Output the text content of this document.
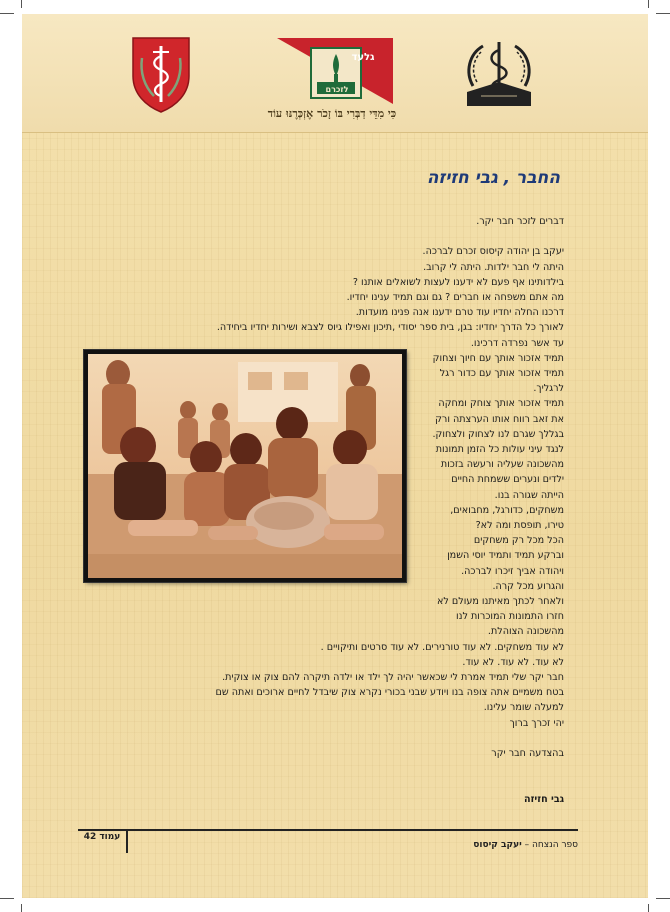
לזכרם
גלעד
כִּי מִדֵּי דַבְּרִי בּוֹ זָכֹר אֶזְכְּרֶנּוּ עוֹד
החבר , גבי חזיזה
דברים לזכר חבר יקר.
יעקב בן יהודה קיסוס זכרם לברכה.
היתה לי חבר ילדות. היתה לי קרוב.
בילדותינו אף פעם לא ידענו לעצות לשואלים אותנו ?
מה אתם משפחה או חברים ? גם וגם תמיד ענינו יחדיו.
דרכנו החלה יחדיו עוד טרם ידענו אנה פנינו מועדות.
לאורך כל הדרך יחדיו: בגן, בית ספר יסודי ,תיכון ואפילו גיוס לצבא ושירות יחדיו ביחידה.
עד אשר נפרדה דרכינו.
תמיד אזכור אותך עם חיוך וצחוק
תמיד אזכור אותך עם כדור רגל
לרגליך.
תמיד אזכור אותך צוחק ומחקה
את זאב רווח אותו הערצתה ורק
בגללך שגרם לנו לצחוק ולצחוק.
לנגד עיני עולות כל הזמן תמונות
מהשכונה שעליה ורעשה בזכות
ילדים ונערים ששמחת החיים
הייתה שגורה בנו.
משחקים, כדורגל, מחבואים,
טירו, תופסת ומה לא?
הכל מכל רק משחקים
וברקע תמיד ותמיד יוסי השמן
ויהודה אביך זיכרו לברכה.
והגרוע מכל קרה.
ולאחר לכתך מאיתנו מעולם לא
חזרו התמונות המוכרות לנו
מהשכונה הצוהלת.
לא עוד משחקים. לא עוד טורנירים. לא עוד סרטים ותיקויים .
לא עוד. לא עוד. לא עוד.
חבר יקר שלי תמיד אמרת לי שכאשר יהיה לך ילד או ילדה תיקרה להם צוק או צוקית.
בטח משמיים אתה צופה בנו ויודע שבני בכורי נקרא צוק שיבדל לחיים ארוכים ואתה שם
למעלה שומר עלינו.
יהי זכרך ברוך
בהצדעה חבר יקר
גבי חזיזה
עמוד 42
ספר הנצחה – יעקב קיסוס
